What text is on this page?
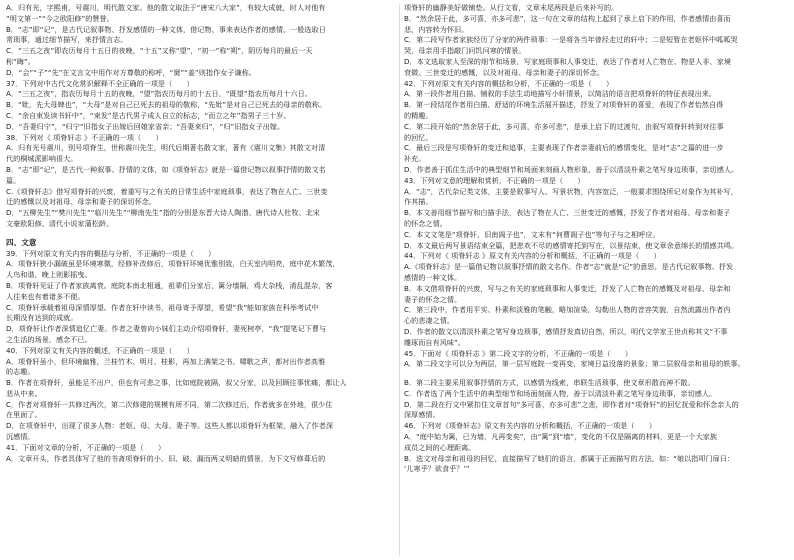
A．归有光，字熙甫，号震川，明代散文家。他的散文取法于“唐宋八大家”，有较大成就，时人对他有
“明文第一”“今之欧阳修”的赞誉。
B．“志”即“记”，是古代记叙事物、抒发感情的一种文体，借记物、事来表达作者的感情。一般选取日
常琐事，通过细节描写，来抒情言志。
C．“三五之夜”即农历每月十五日的夜晚，“十五”又称“望”，“初一”称“朔”，阴历每月的最后一天
称“晦”。
D．“会”“子”“先”在文言文中用作对方尊敬的称呼，“舅”“姜”则指作女子谦称。
37．下列对中古代文化常识解释不全正确的一项是（　　）
A．“三五之夜”，指农历每月十五的夜晚，“望”指农历每月的十五日，“既望”指农历每月十六日。
B．“妣，先大母婢也”，“大母”是对自己已死去的祖母的敬称，“先妣”是对自己已死去的母亲的敬称。
C．“余自束发读书轩中”，“束发”是古代男子成人自立的标志，“而立之年”指男子三十岁。
D．“吾妻归宁”，“归宁”旧指女子出嫁后回娘家省亲；“吾妻来归”，“归”旧指女子出嫁。
38．下列对《 项脊轩志 》不正确的一项（　　）
A．归有光号震川，别号项脊生，世称震川先生，明代后期著名散文家，著有《震川文集》其散文对清
代的桐城派影响很大。
B．“志”即“记”，是古代一种叙事、抒情的文体，如《项脊轩志》就是一篇借记物以叙事抒情的散文名
篇。
C.《项脊轩志》借写项脊轩的兴废，着重写与之有关的日常生活中家庭琐事，表达了物在人亡、三世变
迁的感慨以及对祖母、母亲和妻子的深切怀念。
D．“五柳先生”“樊川先生”“临川先生”“柳南先生”指的分别是东晋大诗人陶潜、唐代诗人杜牧、北宋
文豪欧阳修、清代小说家蒲松龄。
四、文意
39．下列对原文有关内容的概括与分析，不正确的一项是（　　）
A．项脊轩狭小漏破虽是环境寒微，经修补改修后，项脊轩环境优雅别致，白天室内明亮，庭中花木繁茂，
人鸟和谐，晚上则影摇曳。
B．项脊轩见证了作者家族离衰。庭院本南北相通，祖辈们分家后，篱分墙隔，鸡犬杂栈，淆乱混杂，客
人往来也有着诸多不便。
C．项脊轩承载着祖母深情厚望。作者在轩中读书，祖母寄予厚望，希望“我”能如家族在科举考试中
长期没有达到的成就。
D．项脊轩让作者深情追忆亡妻。作者之妻曾向小妹们主动介绍项脊轩，妻死树亭，“我”提笔记下曹与
之生活的场景，感念不已。
40．下列对原文有关内容的概述，不正确的一项是（　　）
A．项脊轩虽小，但环境幽雅，兰桂竹木、明月、桂影，再加上满架之书、啸歌之声，都衬出作者高雅
的志趣。
B．作者在项脊轩，虽能足不出户，但也有可悲之事，比如庭院被隔，叔父分家，以及回顾往事忧痛，都让人
悲从中来。
C．作者对项脊轩一共修过两次，第二次修建的规模有所不同，第二次修过后，作者就多在外地，很少住
在里面了。
D．在项脊轩中，出现了很多人物：老妪、母、大母、妻子等。这些人都以项脊轩为框架，融入了作者深
沉感情。
41．下面对文章的分析，不正确的一项是（　　）
A．文章开头，作者具体写了他的书斋项脊轩的小、旧、破、漏而两又明暗的情景，为下文写修葺后的
项脊轩的幽静美好做铺垫。从行文看，文章末尾两段是后来补写的。
B．“然余居于此，多可喜，亦多可悲”，这一句在文章的结构上起到了承上启下的作用，作者感情由喜而
悲，内容转为怀旧。
C．第二段写作者家族经历了分家的两件琐事：一是将各当年曾经走过的轩中；二是短暂在老妪怀中呱呱哭
哭，母亲用手指敲门问饥问寒的情景。
D．本文选取家人至深的细节和场景，写家庭琐事和人事变迁，表达了作者对人亡物在、物是人非、家境
衰微、三世变迁的感慨，以及对祖母、母亲和妻子的深切怀念。
42．下列对原文有关内容的概括和分析，不正确的一项是（　　）
A．第一段作者用白描、铺叙的手法生动地描写小轩情景，以简洁的语言把项脊轩的特征表现出来。
B．第一段结尾作者用白描、舒适的环境生活展开描述，抒发了对项脊轩的喜爱，表现了作者怡然自得
的精趣。
C．第二段开始的“然余居于此，多可喜，亦多可悲”，是承上启下的过渡句，由叙写项脊轩转到对往事
的回忆。
C．最后三段是写项脊轩的变迁和追事，主要表现了作者亲妻前后的感情变化，是对“志”之篇的进一步
补充。
D．作者善于抓住生活中的典型细节和场面来刻画人物形象，善于以清淡朴素之笔写身边琐事，亲切感人。
43．下列对文意的理解和赏析，不正确的一项是（　　）
A．“志”，古代杂记类文体，主要是叙事写人、写景状物，内容宽泛，一般要求围绕所记对象作为其补写，
作其描。
B．本文善用细节描写和白描手法，表达了物在人亡、三世变迁的感慨，抒发了作者对祖母、母亲和妻子
的怀念之情。
C．本文文笔是“项脊轩，旧南阁子也”，文末有“何曹阁子也”等句子与之相呼应。
D．本文最后两写景语结束全篇，把悲欢不尽的感情寄托到写在，以景结束，使文章余意绵长的情感共鸣。
44．下列对《 项脊轩志 》原文有关内容的分析和概括，不正确的一项是（　　）
A.《项脊轩志》是一篇借记物以叙事抒情的散文名作。作者“志”就是“记”的意思，是古代记叙事物、抒发
感情的一种文体。
B．本文借项脊轩的兴废，写与之有关的家庭琐事和人事变迁，抒发了人亡物在的感慨及对祖母、母亲和
妻子的怀念之情。
C．第三段中，作者用平实、朴素和淡雅的笔触，略加渲染，勾勒出人物的音容笑貌，自然流露出作者内
心的悲凄之情。
D．作者的散文以清淡朴素之笔写身边琐事，感情抒发真切自然，所以，明代文学家王世贞称其文“不事
雕琢而自有风味”。
45．下面对《 项脊轩志 》第二段文字的分析，不正确的一项是（　　）
A．第二段文字可以分为两层，第一层写庭院一变再变，家境日益没落的景象；第二层叙母亲和祖母的轶事。
B．第二段主要采用叙事抒情的方式，以感情为线索，串联生活琐事，使文章形散而神不散。
C．作者选了两个生活中的典型细节和场面刻画人物，善于以清淡朴素之笔写身边琐事，亲切感人。
D．第二段在行文中紧扣住文章首句“多可喜，亦多可悲”之悲，即作者对“项脊轩”的回忆抚爱和怀念亲人的
深厚感情。
46．下列对《项脊轩志》原文有关内容的分析和概括，不正确的一项是（　　）
A．“庭中始为篱，已为墙，凡再变矣”，由“篱”到“墙”，变化的不仅是隔离的材料，更是一个大家族
成员之间的心理距离。
B．选文对母亲和祖母的回忆，直接描写了她们的语言，都属于正面描写的方法，如：“娘以指叩门扉曰：
‘儿寒乎？欲食乎？’”
